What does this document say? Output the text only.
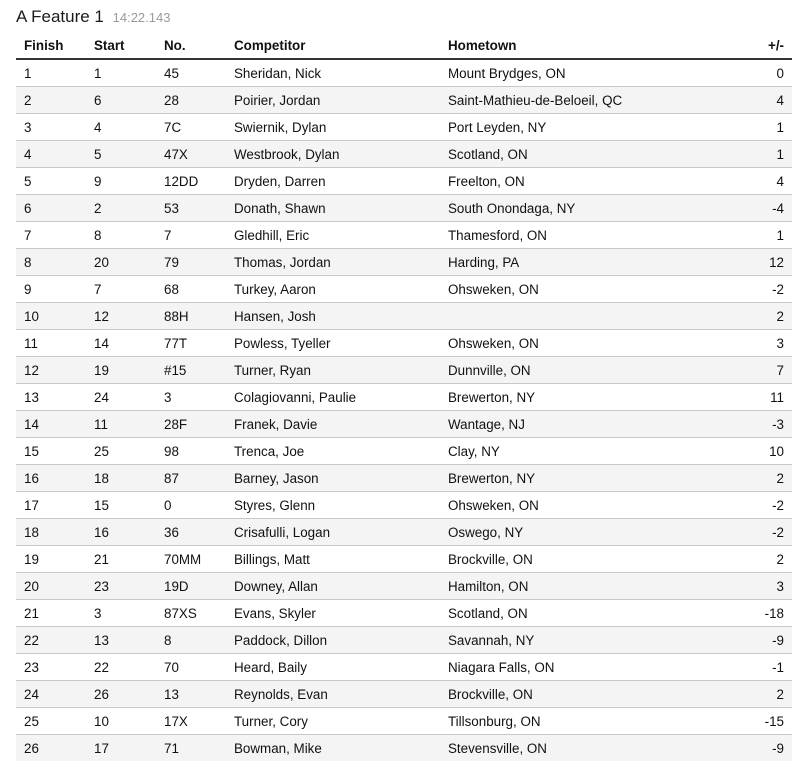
A Feature 1 14:22.143
Finish	Start	No.	Competitor	Hometown	+/-
1	1	45	Sheridan, Nick	Mount Brydges, ON	0
2	6	28	Poirier, Jordan	Saint-Mathieu-de-Beloeil, QC	4
3	4	7C	Swiernik, Dylan	Port Leyden, NY	1
4	5	47X	Westbrook, Dylan	Scotland, ON	1
5	9	12DD	Dryden, Darren	Freelton, ON	4
6	2	53	Donath, Shawn	South Onondaga, NY	-4
7	8	7	Gledhill, Eric	Thamesford, ON	1
8	20	79	Thomas, Jordan	Harding, PA	12
9	7	68	Turkey, Aaron	Ohsweken, ON	-2
10	12	88H	Hansen, Josh		2
11	14	77T	Powless, Tyeller	Ohsweken, ON	3
12	19	#15	Turner, Ryan	Dunnville, ON	7
13	24	3	Colagiovanni, Paulie	Brewerton, NY	11
14	11	28F	Franek, Davie	Wantage, NJ	-3
15	25	98	Trenca, Joe	Clay, NY	10
16	18	87	Barney, Jason	Brewerton, NY	2
17	15	0	Styres, Glenn	Ohsweken, ON	-2
18	16	36	Crisafulli, Logan	Oswego, NY	-2
19	21	70MM	Billings, Matt	Brockville, ON	2
20	23	19D	Downey, Allan	Hamilton, ON	3
21	3	87XS	Evans, Skyler	Scotland, ON	-18
22	13	8	Paddock, Dillon	Savannah, NY	-9
23	22	70	Heard, Baily	Niagara Falls, ON	-1
24	26	13	Reynolds, Evan	Brockville, ON	2
25	10	17X	Turner, Cory	Tillsonburg, ON	-15
26	17	71	Bowman, Mike	Stevensville, ON	-9
